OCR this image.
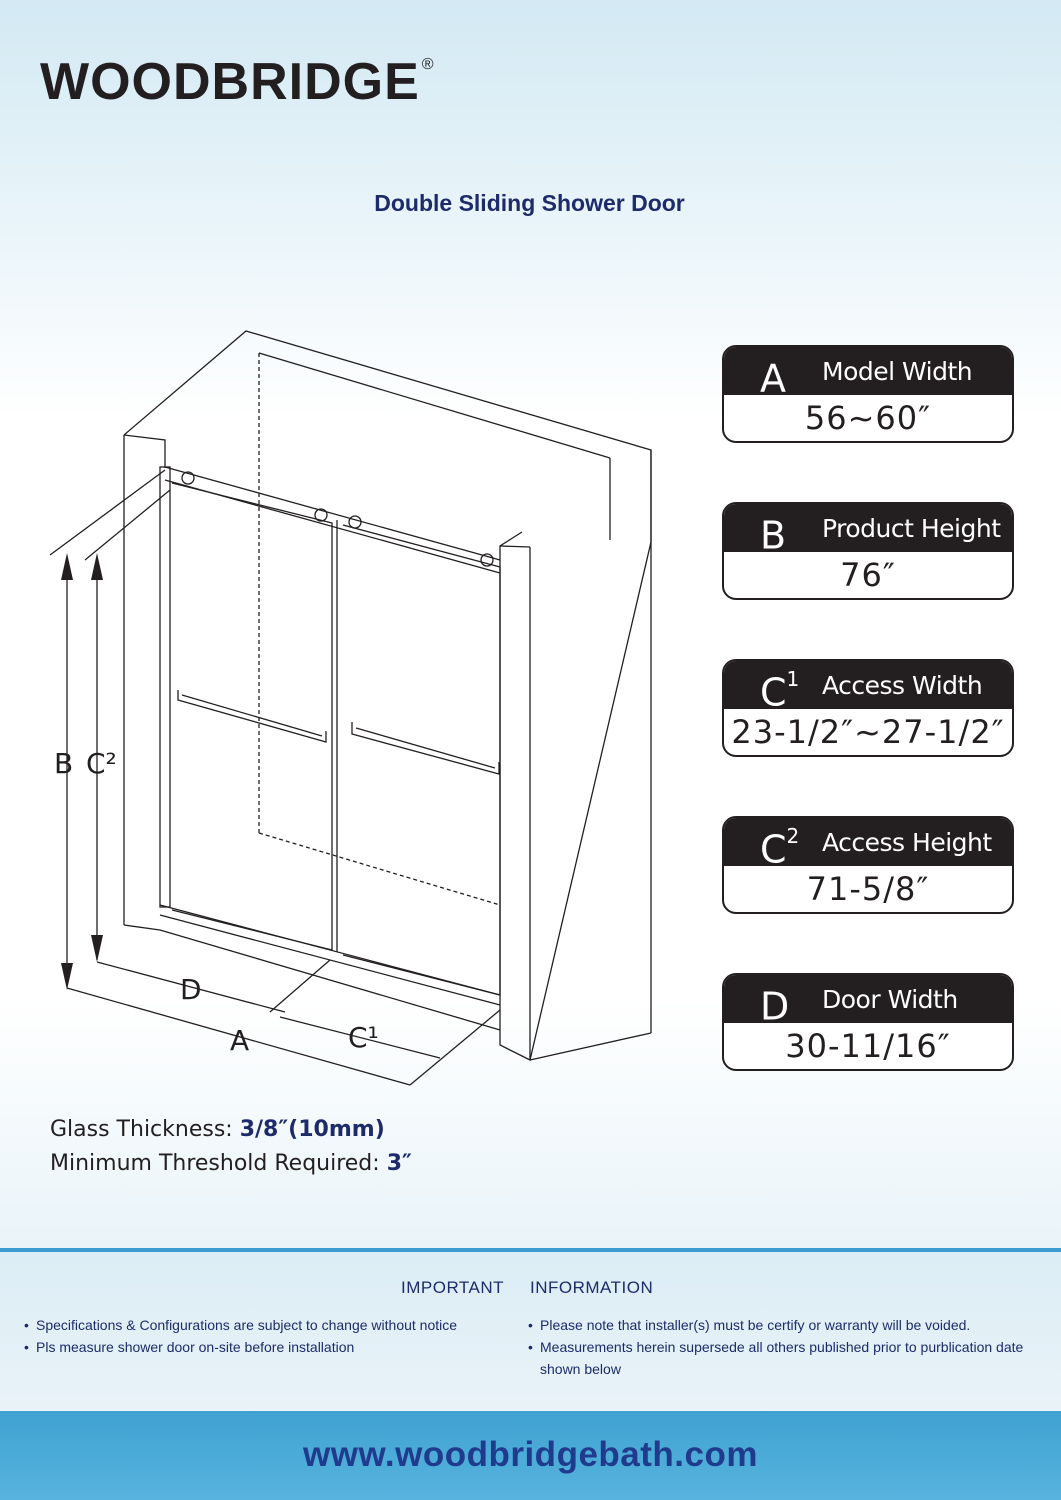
WOODBRIDGE ®
Double Sliding Shower Door
B C²
D
A	C¹
A Model Width
56~60″
B Product Height
76″
$C^1$ Access Width
23-1/2″~27-1/2″
$C^2$ Access Height
71-5/8″
D Door Width
30-11/16″
Glass Thickness: 3/8″(10mm)
Minimum Threshold Required: 3″
IMPORTANT INFORMATION
• Specifications & Configurations are subject to change without notice
• Pls measure shower door on-site before installation
• Please note that installer(s) must be certify or warranty will be voided.
• Measurements herein supersede all others published prior to purblication date shown below
www.woodbridgebath.com
